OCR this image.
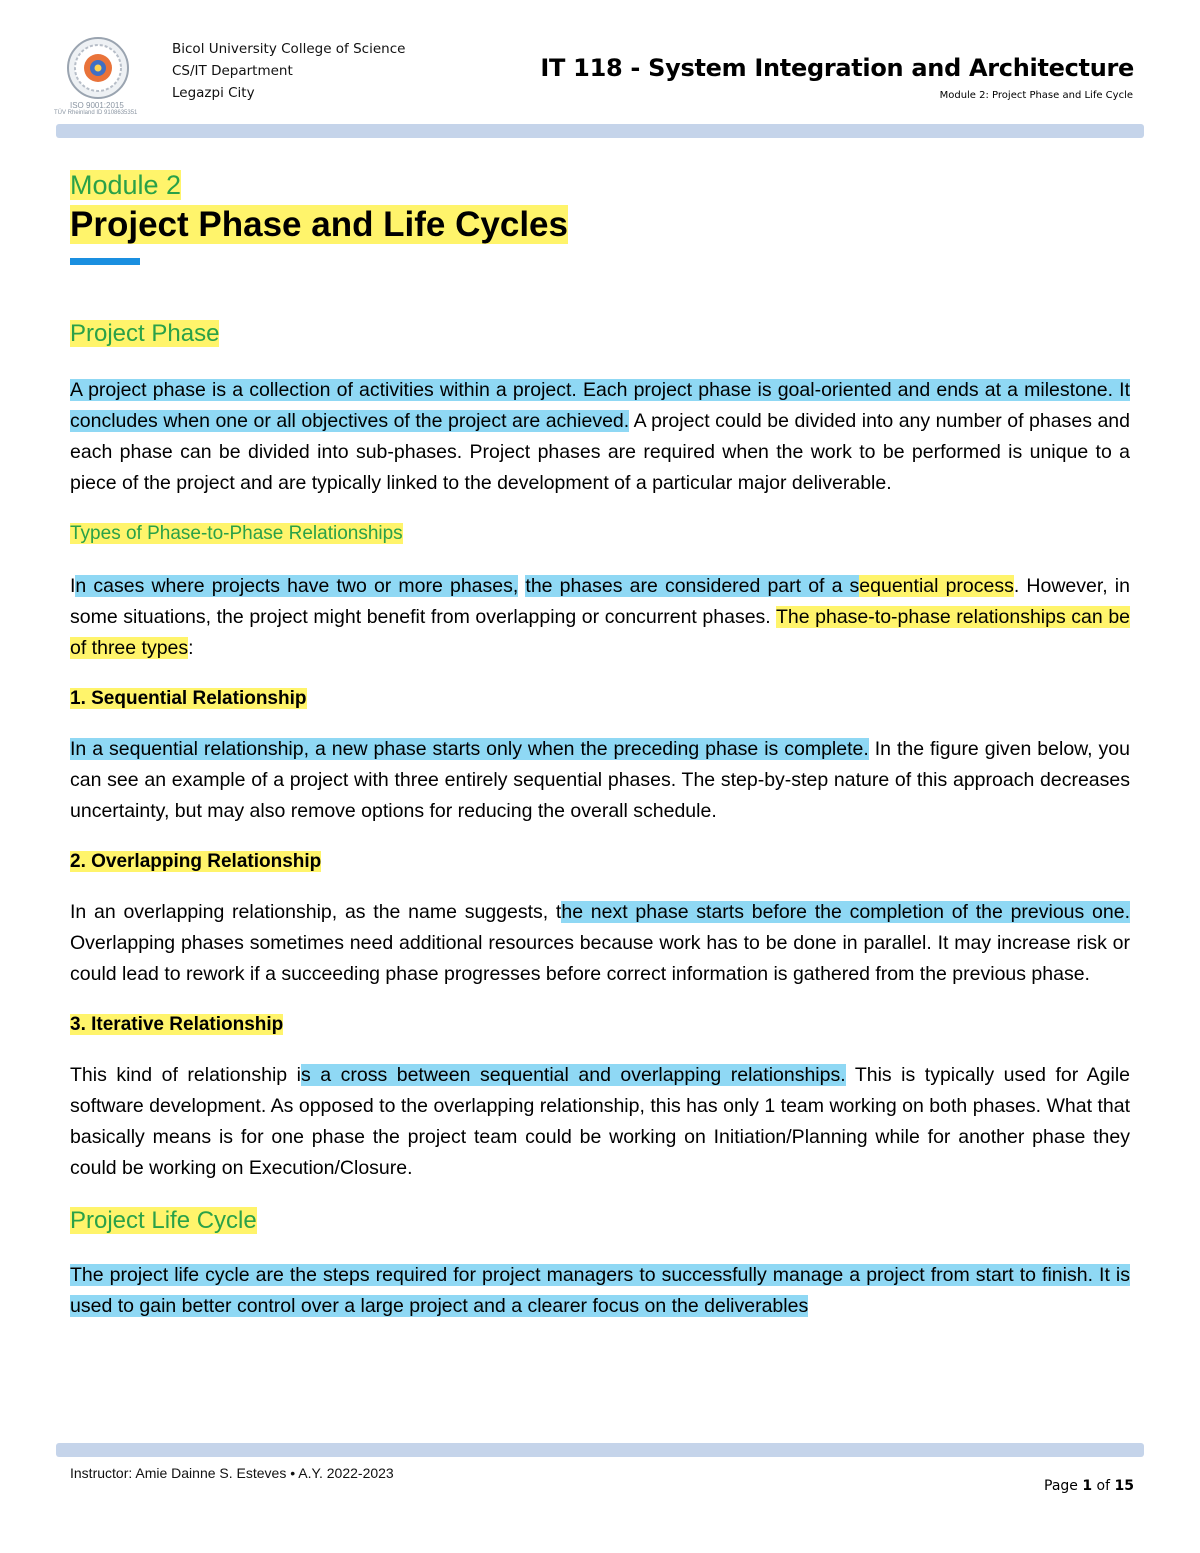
ISO 9001:2015
TÜV Rheinland ID 9108635351
Bicol University College of Science
CS/IT Department
Legazpi City
IT 118 - System Integration and Architecture
Module 2: Project Phase and Life Cycle
Module 2
Project Phase and Life Cycles
Project Phase

A project phase is a collection of activities within a project. Each project phase is goal-oriented and ends at a milestone. It concludes when one or all objectives of the project are achieved. A project could be divided into any number of phases and each phase can be divided into sub-phases. Project phases are required when the work to be performed is unique to a piece of the project and are typically linked to the development of a particular major deliverable.

Types of Phase-to-Phase Relationships

In cases where projects have two or more phases, the phases are considered part of a sequential process. However, in some situations, the project might benefit from overlapping or concurrent phases. The phase-to-phase relationships can be of three types:

1. Sequential Relationship

In a sequential relationship, a new phase starts only when the preceding phase is complete. In the figure given below, you can see an example of a project with three entirely sequential phases. The step-by-step nature of this approach decreases uncertainty, but may also remove options for reducing the overall schedule.

2. Overlapping Relationship

In an overlapping relationship, as the name suggests, the next phase starts before the completion of the previous one. Overlapping phases sometimes need additional resources because work has to be done in parallel. It may increase risk or could lead to rework if a succeeding phase progresses before correct information is gathered from the previous phase.

3. Iterative Relationship

This kind of relationship is a cross between sequential and overlapping relationships. This is typically used for Agile software development. As opposed to the overlapping relationship, this has only 1 team working on both phases. What that basically means is for one phase the project team could be working on Initiation/Planning while for another phase they could be working on Execution/Closure.

Project Life Cycle

The project life cycle are the steps required for project managers to successfully manage a project from start to finish. It is used to gain better control over a large project and a clearer focus on the deliverables

Instructor: Amie Dainne S. Esteves • A.Y. 2022-2023
Page 1 of 15
